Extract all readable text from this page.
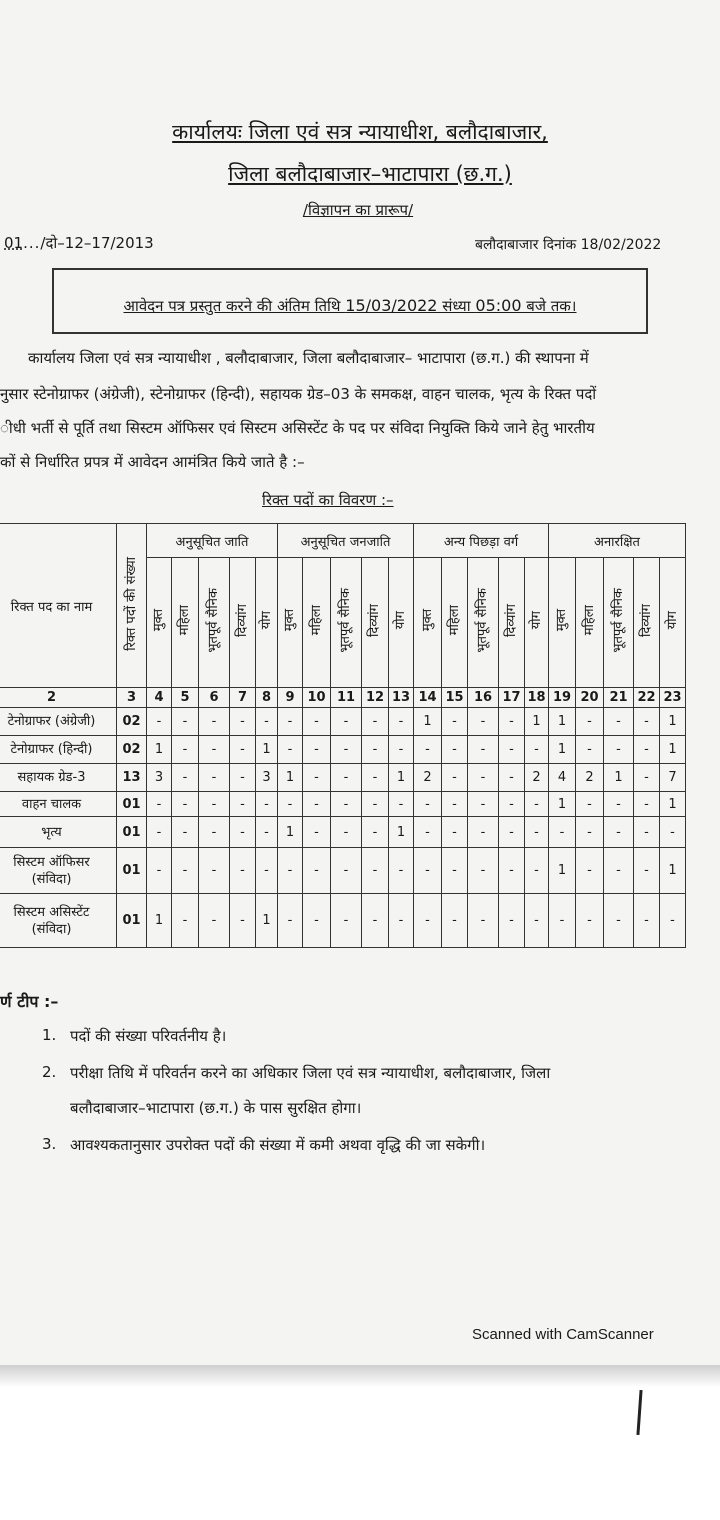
कार्यालयः जिला एवं सत्र न्यायाधीश, बलौदाबाजार,
जिला बलौदाबाजार–भाटापारा (छ.ग.)
/विज्ञापन का प्रारूप/
01.../दो–12–17/2013	बलौदाबाजार दिनांक 18/02/2022
आवेदन पत्र प्रस्तुत करने की अंतिम तिथि 15/03/2022 संध्या 05:00 बजे तक।
कार्यालय जिला एवं सत्र न्यायाधीश , बलौदाबाजार, जिला बलौदाबाजार– भाटापारा (छ.ग.) की स्थापना में
नुसार स्टेनोग्राफर (अंग्रेजी), स्टेनोग्राफर (हिन्दी), सहायक ग्रेड–03 के समकक्ष, वाहन चालक, भृत्य के रिक्त पदों
ीधी भर्ती से पूर्ति तथा सिस्टम ऑफिसर एवं सिस्टम असिस्टेंट के पद पर संविदा नियुक्ति किये जाने हेतु भारतीय
कों से निर्धारित प्रपत्र में आवेदन आमंत्रित किये जाते है :–
रिक्त पदों का विवरण :–
रिक्त पद का नाम	रिक्त पदों की संख्या	अनुसूचित जाति					अनुसूचित जनजाति					अन्य पिछड़ा वर्ग					अनारक्षित				
		मुक्त	महिला	भूतपूर्व सैनिक	दिव्यांग	योग	मुक्त	महिला	भूतपूर्व सैनिक	दिव्यांग	योग	मुक्त	महिला	भूतपूर्व सैनिक	दिव्यांग	योग	मुक्त	महिला	भूतपूर्व सैनिक	दिव्यांग	योग
2	3	4	5	6	7	8	9	10	11	12	13	14	15	16	17	18	19	20	21	22	23

टेनोग्राफर (अंग्रेजी)	02	-	-	-	-	-	-	-	-	-	-	1	-	-	-	1	1	-	-	-	1

टेनोग्राफर (हिन्दी)	02	1	-	-	-	1	-	-	-	-	-	-	-	-	-	-	1	-	-	-	1

सहायक ग्रेड-3	13	3	-	-	-	3	1	-	-	-	1	2	-	-	-	2	4	2	1	-	7

वाहन चालक	01	-	-	-	-	-	-	-	-	-	-	-	-	-	-	-	1	-	-	-	1

भृत्य	01	-	-	-	-	-	1	-	-	-	1	-	-	-	-	-	-	-	-	-	-

सिस्टम ऑफिसर
(संविदा)	01	-	-	-	-	-	-	-	-	-	-	-	-	-	-	-	1	-	-	-	1

सिस्टम असिस्टेंट
(संविदा)	01	1	-	-	-	1	-	-	-	-	-	-	-	-	-	-	-	-	-	-	-
र्ण टीप :–
1. पदों की संख्या परिवर्तनीय है।
2. परीक्षा तिथि में परिवर्तन करने का अधिकार जिला एवं सत्र न्यायाधीश, बलौदाबाजार, जिला
बलौदाबाजार–भाटापारा (छ.ग.) के पास सुरक्षित होगा।
3. आवश्यकतानुसार उपरोक्त पदों की संख्या में कमी अथवा वृद्धि की जा सकेगी।
Scanned with CamScanner
